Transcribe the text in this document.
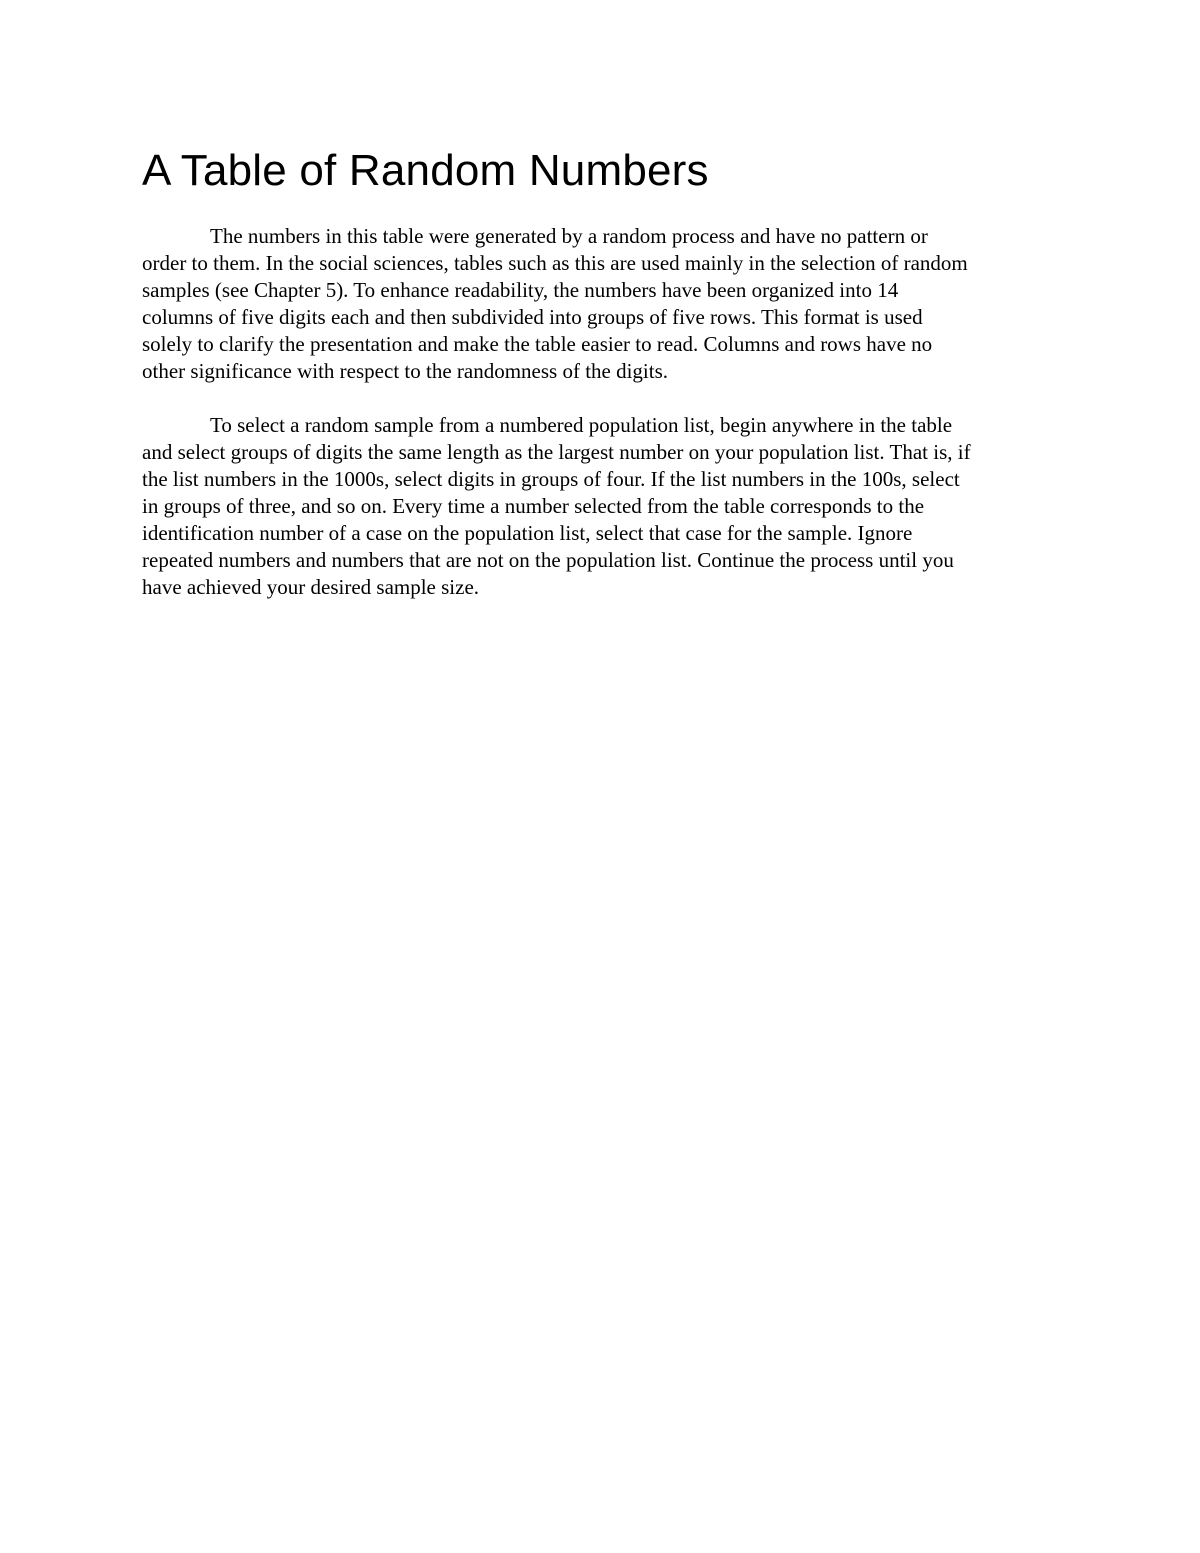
A Table of Random Numbers

The numbers in this table were generated by a random process and have no pattern or order to them. In the social sciences, tables such as this are used mainly in the selection of random samples (see Chapter 5). To enhance readability, the numbers have been organized into 14 columns of five digits each and then subdivided into groups of five rows. This format is used solely to clarify the presentation and make the table easier to read. Columns and rows have no other significance with respect to the randomness of the digits.

To select a random sample from a numbered population list, begin anywhere in the table and select groups of digits the same length as the largest number on your population list. That is, if the list numbers in the 1000s, select digits in groups of four. If the list numbers in the 100s, select in groups of three, and so on. Every time a number selected from the table corresponds to the identification number of a case on the population list, select that case for the sample. Ignore repeated numbers and numbers that are not on the population list. Continue the process until you have achieved your desired sample size.
